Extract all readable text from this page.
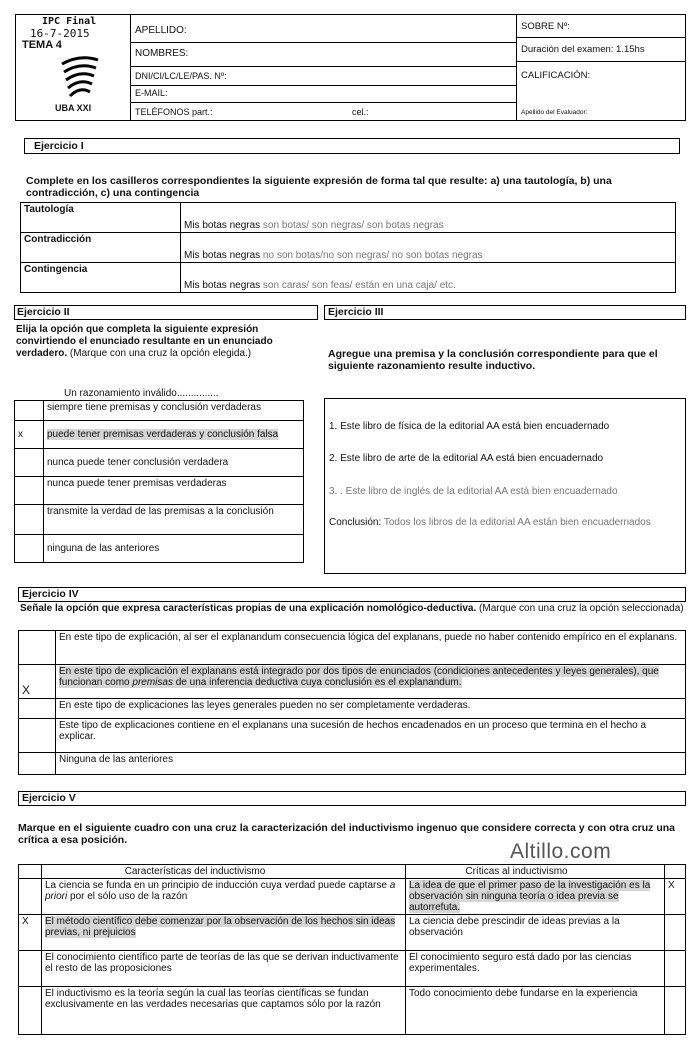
IPC Final
16-7-2015
TEMA 4
UBA XXI
APELLIDO:
NOMBRES:
DNI/CI/LC/LE/PAS. Nº:
E-MAIL:
TELÉFONOS part.:	cel.:
SOBRE Nº:
Duración del examen: 1.15hs
CALIFICACIÓN:
Apellido del Evaluador:
Ejercicio I
Complete en los casilleros correspondientes la siguiente expresión de forma tal que resulte: a) una tautología, b) una contradicción, c) una contingencia
Tautología	Mis botas negras son botas/ son negras/ son botas negras
Contradicción	Mis botas negras no son botas/no son negras/ no son botas negras
Contingencia	Mis botas negras son caras/ son feas/ están en una caja/ etc.
Ejercicio II
Elija la opción que completa la siguiente expresión convirtiendo el enunciado resultante en un enunciado verdadero. (Marque con una cruz la opción elegida.)
Un razonamiento inválido...............
	siempre tiene premisas y conclusión verdaderas
x	puede tener premisas verdaderas y conclusión falsa
	nunca puede tener conclusión verdadera
	nunca puede tener premisas verdaderas
	transmite la verdad de las premisas a la conclusión
	ninguna de las anteriores
Ejercicio III
Agregue una premisa y la conclusión correspondiente para que el siguiente razonamiento resulte inductivo.
1. Este libro de física de la editorial AA está bien encuadernado
2. Este libro de arte de la editorial AA está bien encuadernado
3. . Este libro de inglés de la editorial AA está bien encuadernado
Conclusión: Todos los libros de la editorial AA están bien encuadernados
Ejercicio IV
Señale la opción que expresa características propias de una explicación nomológico-deductiva. (Marque con una cruz la opción seleccionada)
	En este tipo de explicación, al ser el explanandum consecuencia lógica del explanans, puede no haber contenido empírico en el explanans.
X	En este tipo de explicación el explanans está integrado por dos tipos de enunciados (condiciones antecedentes y leyes generales), que funcionan como premisas de una inferencia deductiva cuya conclusión es el explanandum.
	En este tipo de explicaciones las leyes generales pueden no ser completamente verdaderas.
	Este tipo de explicaciones contiene en el explanans una sucesión de hechos encadenados en un proceso que termina en el hecho a explicar.
	Ninguna de las anteriores
Ejercicio V
Marque en el siguiente cuadro con una cruz la caracterización del inductivismo ingenuo que considere correcta y con otra cruz una crítica a esa posición.	Altillo.com
	Características del inductivismo	Críticas al inductivismo	
	La ciencia se funda en un principio de inducción cuya verdad puede captarse a priori por el sólo uso de la razón	La idea de que el primer paso de la investigación es la observación sin ninguna teoría o idea previa se autorrefuta.	X
X	El método científico debe comenzar por la observación de los hechos sin ideas previas, ni prejuicios	La ciencia debe prescindir de ideas previas a la observación	
	El conocimiento científico parte de teorías de las que se derivan inductivamente el resto de las proposiciones	El conocimiento seguro está dado por las ciencias experimentales.	
	El inductivismo es la teoría según la cual las teorías científicas se fundan exclusivamente en las verdades necesarias que captamos sólo por la razón	Todo conocimiento debe fundarse en la experiencia	
